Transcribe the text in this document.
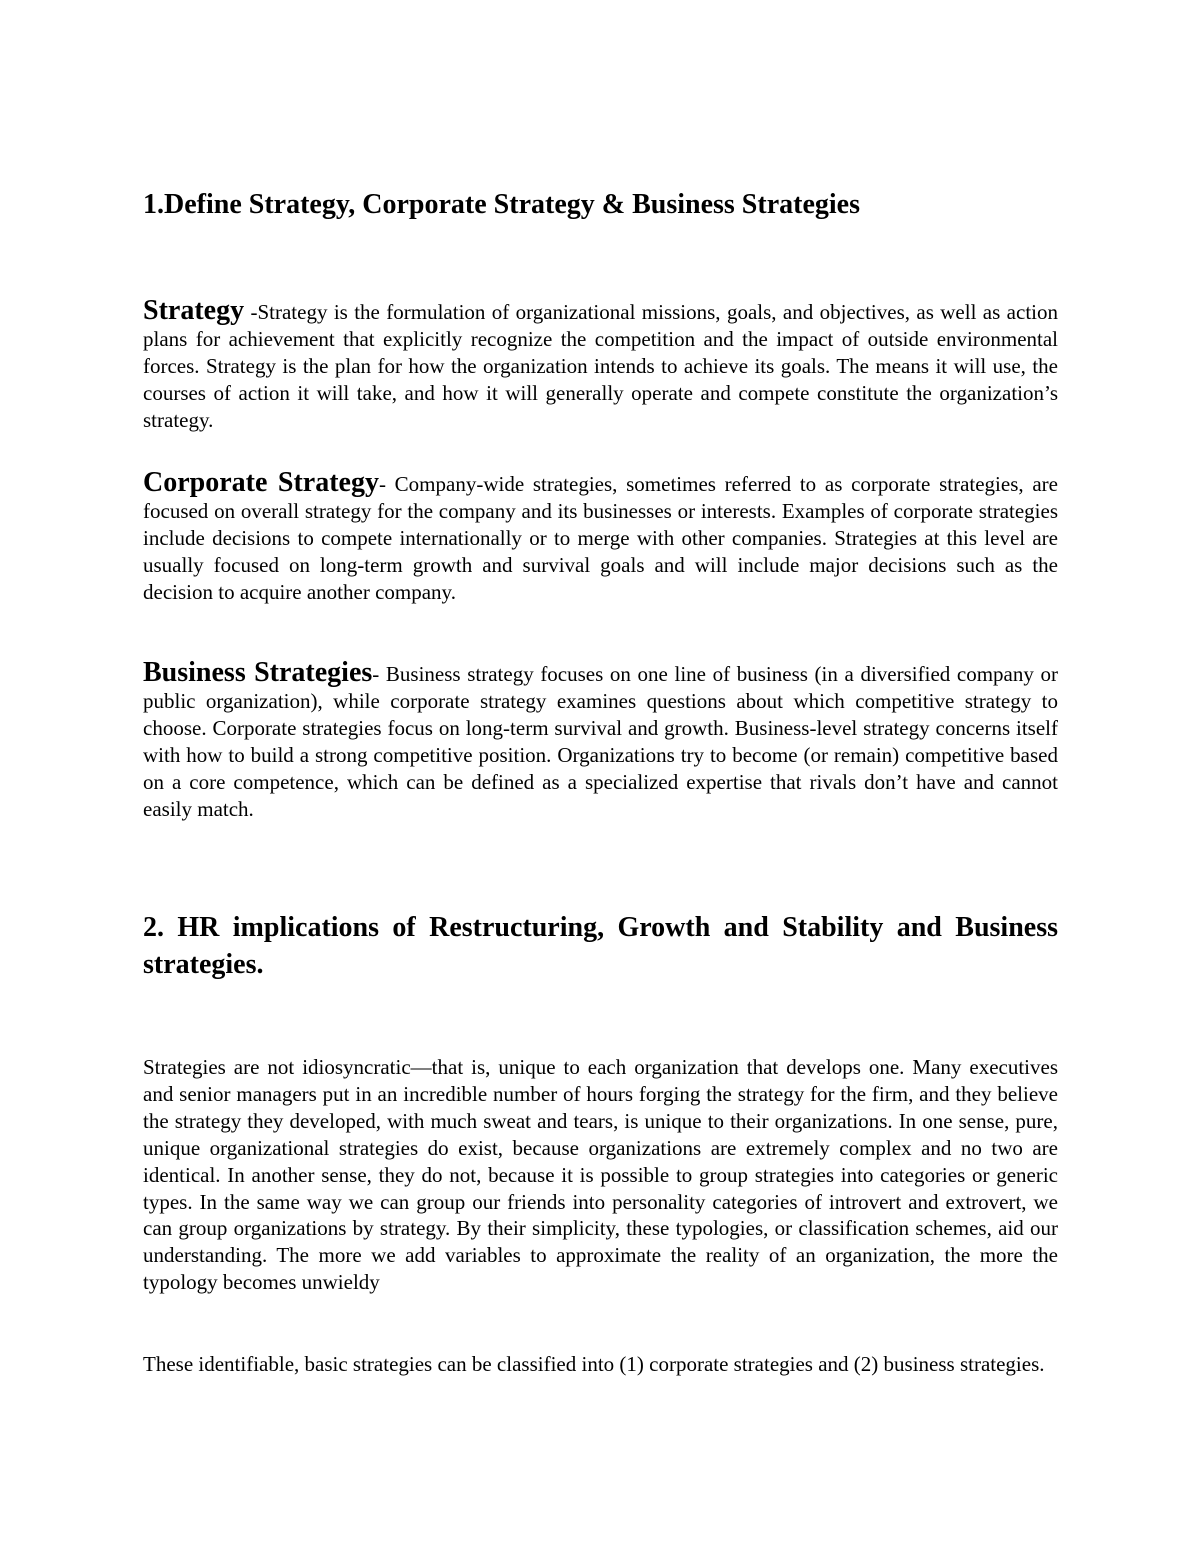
1.Define Strategy, Corporate Strategy & Business Strategies

Strategy -Strategy is the formulation of organizational missions, goals, and objectives, as well as action plans for achievement that explicitly recognize the competition and the impact of outside environmental forces. Strategy is the plan for how the organization intends to achieve its goals. The means it will use, the courses of action it will take, and how it will generally operate and compete constitute the organization’s strategy.

Corporate Strategy- Company-wide strategies, sometimes referred to as corporate strategies, are focused on overall strategy for the company and its businesses or interests. Examples of corporate strategies include decisions to compete internationally or to merge with other companies. Strategies at this level are usually focused on long-term growth and survival goals and will include major decisions such as the decision to acquire another company.

Business Strategies- Business strategy focuses on one line of business (in a diversified company or public organization), while corporate strategy examines questions about which competitive strategy to choose. Corporate strategies focus on long-term survival and growth. Business-level strategy concerns itself with how to build a strong competitive position. Organizations try to become (or remain) competitive based on a core competence, which can be defined as a specialized expertise that rivals don’t have and cannot easily match.

2. HR implications of Restructuring, Growth and Stability and Business strategies.

Strategies are not idiosyncratic—that is, unique to each organization that develops one. Many executives and senior managers put in an incredible number of hours forging the strategy for the firm, and they believe the strategy they developed, with much sweat and tears, is unique to their organizations. In one sense, pure, unique organizational strategies do exist, because organizations are extremely complex and no two are identical. In another sense, they do not, because it is possible to group strategies into categories or generic types. In the same way we can group our friends into personality categories of introvert and extrovert, we can group organizations by strategy. By their simplicity, these typologies, or classification schemes, aid our understanding. The more we add variables to approximate the reality of an organization, the more the typology becomes unwieldy

These identifiable, basic strategies can be classified into (1) corporate strategies and (2) business strategies.
